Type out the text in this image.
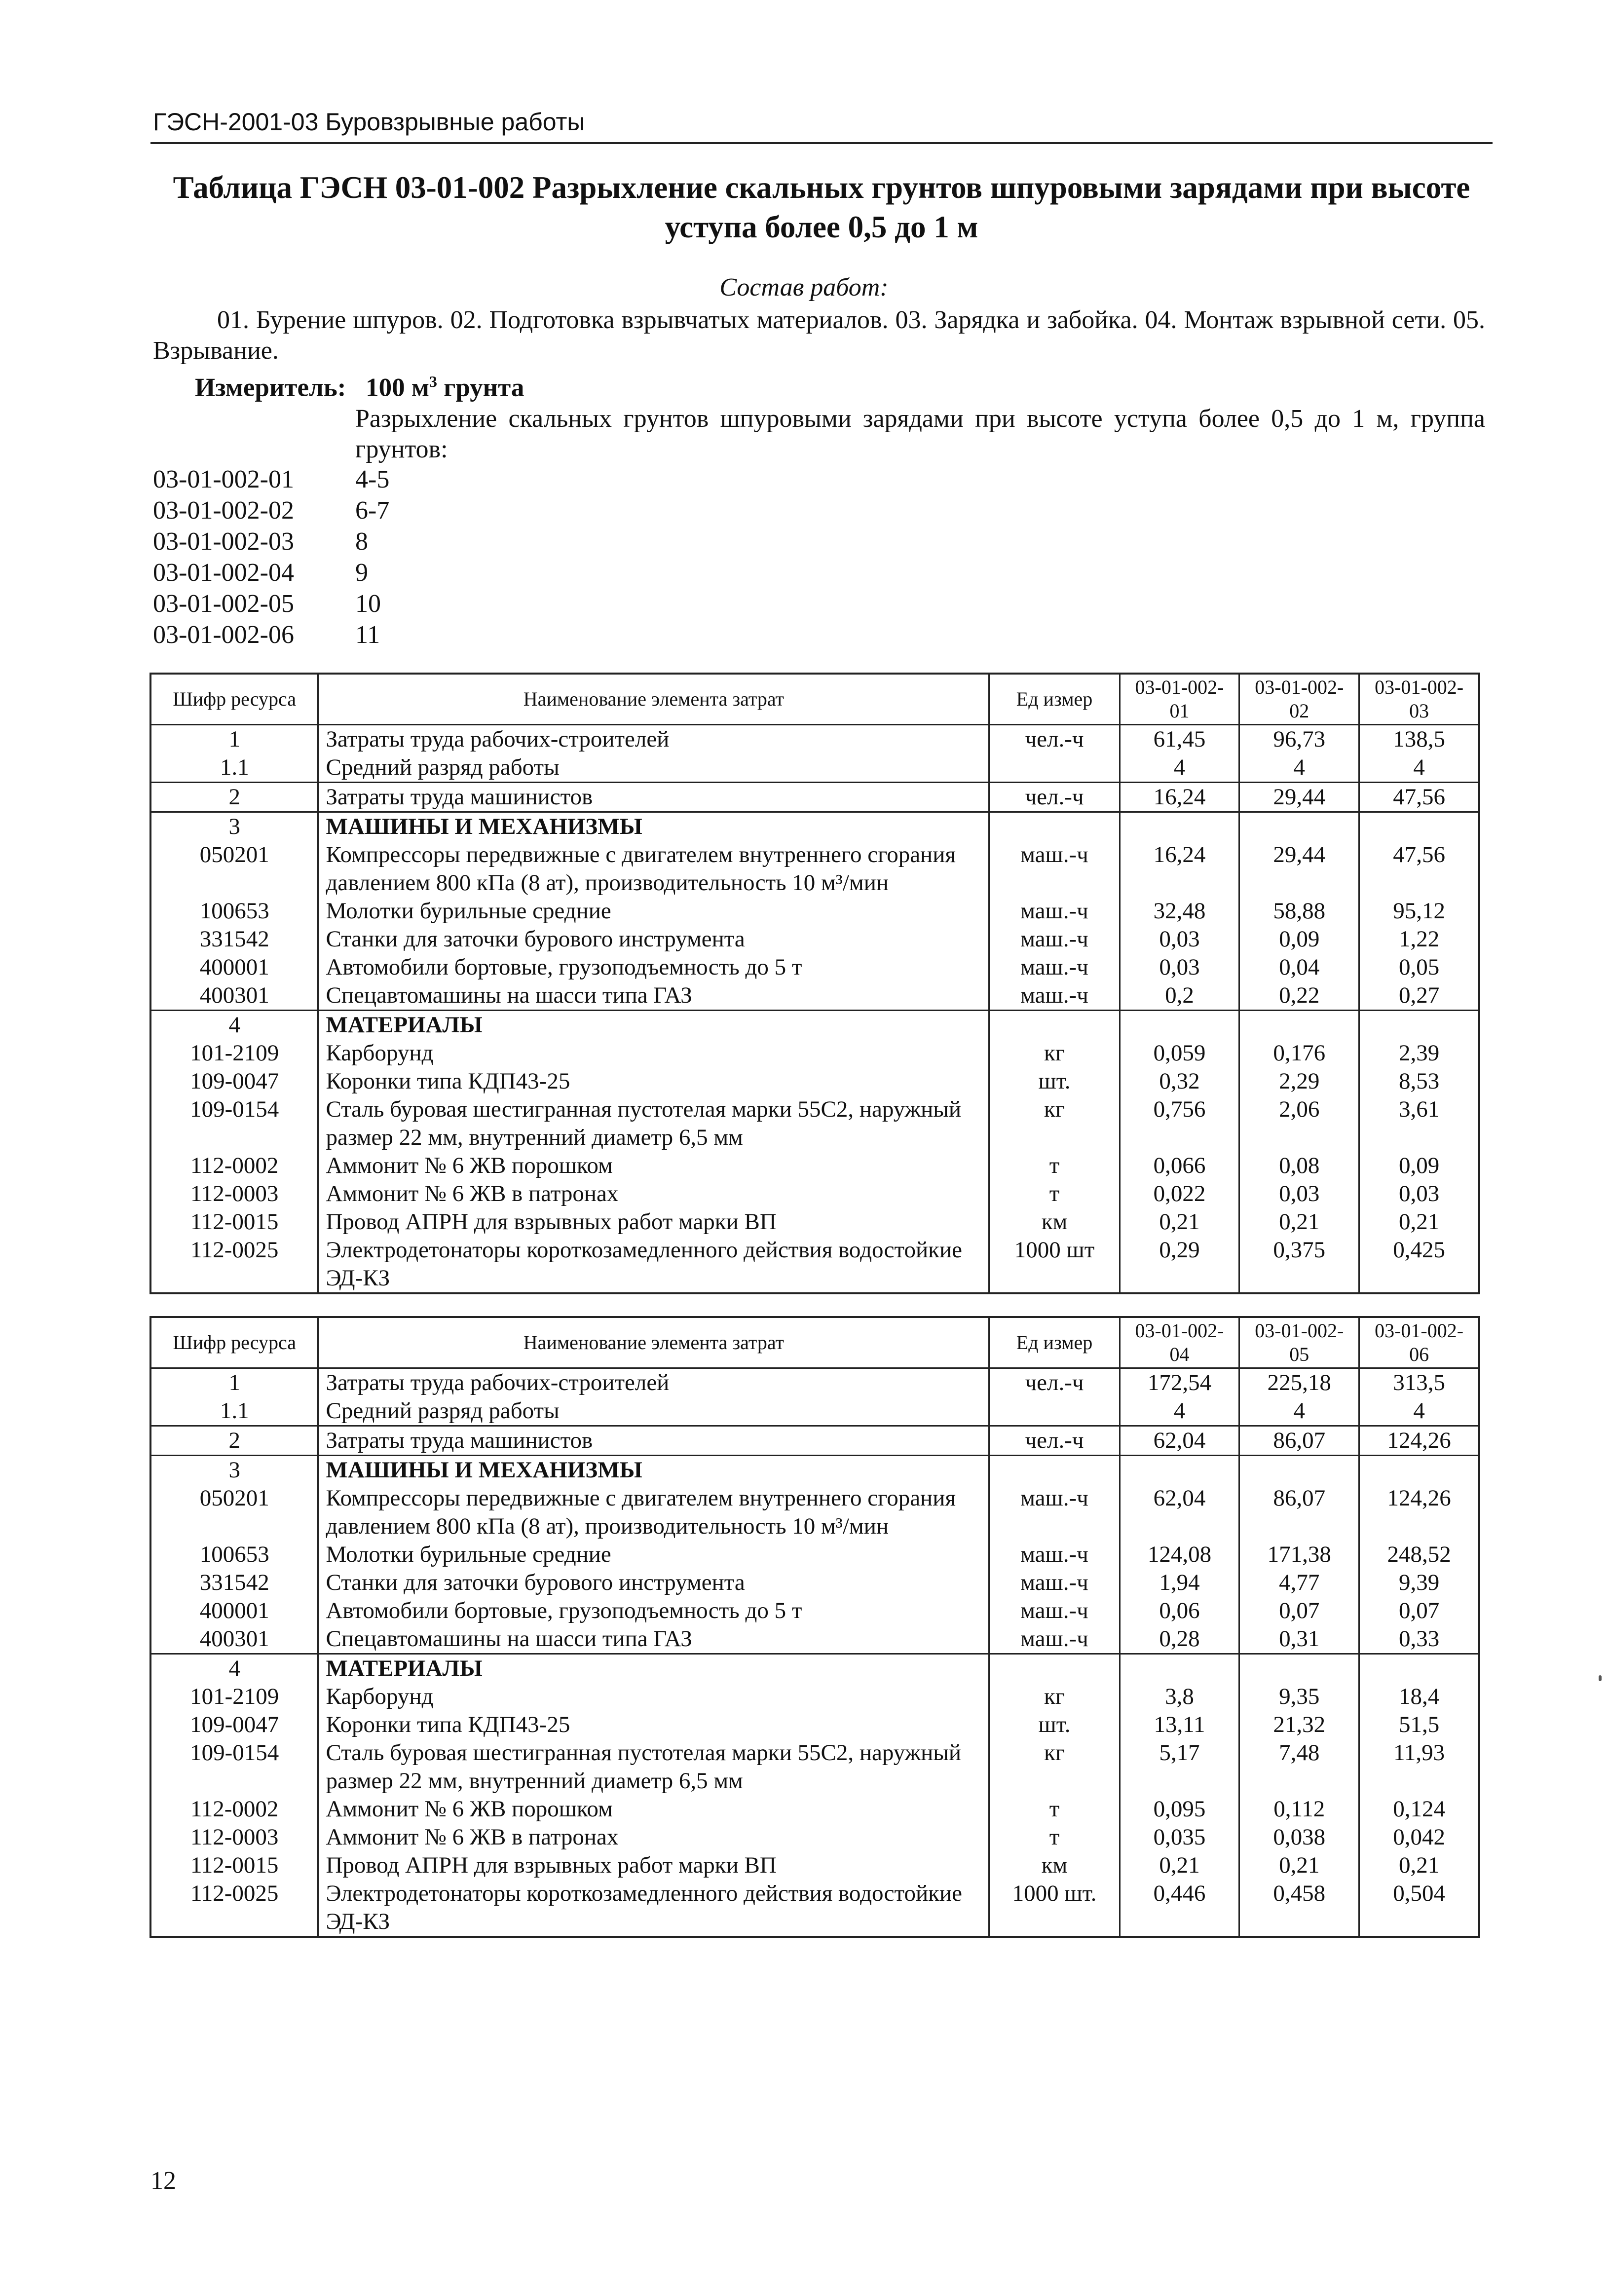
ГЭСН-2001-03 Буровзрывные работы
Таблица ГЭСН 03-01-002 Разрыхление скальных грунтов шпуровыми зарядами при высоте уступа более 0,5 до 1 м
Состав работ:
01. Бурение шпуров. 02. Подготовка взрывчатых материалов. 03. Зарядка и забойка. 04. Монтаж взрывной сети. 05. Взрывание.
Измеритель: 100 $м^3$ грунта
Разрыхление скальных грунтов шпуровыми зарядами при высоте уступа более 0,5 до 1 м, группа грунтов:
03-01-002-01	4-5
03-01-002-02	6-7
03-01-002-03	8
03-01-002-04	9
03-01-002-05	10
03-01-002-06	11
Шифр ресурса	Наименование элемента затрат	Ед измер	03-01-002-01	03-01-002-02	03-01-002-03
1	Затраты труда рабочих-строителей	чел.-ч	61,45	96,73	138,5
1.1	Средний разряд работы		4	4	4
2	Затраты труда машинистов	чел.-ч	16,24	29,44	47,56
3	МАШИНЫ И МЕХАНИЗМЫ				
050201	Компрессоры передвижные с двигателем внутреннего сгорания давлением 800 кПа (8 ат), производительность 10 м³/мин	маш.-ч	16,24	29,44	47,56
100653	Молотки бурильные средние	маш.-ч	32,48	58,88	95,12
331542	Станки для заточки бурового инструмента	маш.-ч	0,03	0,09	1,22
400001	Автомобили бортовые, грузоподъемность до 5 т	маш.-ч	0,03	0,04	0,05
400301	Спецавтомашины на шасси типа ГАЗ	маш.-ч	0,2	0,22	0,27
4	МАТЕРИАЛЫ				
101-2109	Карборунд	кг	0,059	0,176	2,39
109-0047	Коронки типа КДП43-25	шт.	0,32	2,29	8,53
109-0154	Сталь буровая шестигранная пустотелая марки 55С2, наружный размер 22 мм, внутренний диаметр 6,5 мм	кг	0,756	2,06	3,61
112-0002	Аммонит № 6 ЖВ порошком	т	0,066	0,08	0,09
112-0003	Аммонит № 6 ЖВ в патронах	т	0,022	0,03	0,03
112-0015	Провод АПРН для взрывных работ марки ВП	км	0,21	0,21	0,21
112-0025	Электродетонаторы короткозамедленного действия водостойкие ЭД-КЗ	1000 шт	0,29	0,375	0,425
Шифр ресурса	Наименование элемента затрат	Ед измер	03-01-002-04	03-01-002-05	03-01-002-06
1	Затраты труда рабочих-строителей	чел.-ч	172,54	225,18	313,5
1.1	Средний разряд работы		4	4	4
2	Затраты труда машинистов	чел.-ч	62,04	86,07	124,26
3	МАШИНЫ И МЕХАНИЗМЫ				
050201	Компрессоры передвижные с двигателем внутреннего сгорания давлением 800 кПа (8 ат), производительность 10 м³/мин	маш.-ч	62,04	86,07	124,26
100653	Молотки бурильные средние	маш.-ч	124,08	171,38	248,52
331542	Станки для заточки бурового инструмента	маш.-ч	1,94	4,77	9,39
400001	Автомобили бортовые, грузоподъемность до 5 т	маш.-ч	0,06	0,07	0,07
400301	Спецавтомашины на шасси типа ГАЗ	маш.-ч	0,28	0,31	0,33
4	МАТЕРИАЛЫ				
101-2109	Карборунд	кг	3,8	9,35	18,4
109-0047	Коронки типа КДП43-25	шт.	13,11	21,32	51,5
109-0154	Сталь буровая шестигранная пустотелая марки 55С2, наружный размер 22 мм, внутренний диаметр 6,5 мм	кг	5,17	7,48	11,93
112-0002	Аммонит № 6 ЖВ порошком	т	0,095	0,112	0,124
112-0003	Аммонит № 6 ЖВ в патронах	т	0,035	0,038	0,042
112-0015	Провод АПРН для взрывных работ марки ВП	км	0,21	0,21	0,21
112-0025	Электродетонаторы короткозамедленного действия водостойкие ЭД-КЗ	1000 шт.	0,446	0,458	0,504
12
